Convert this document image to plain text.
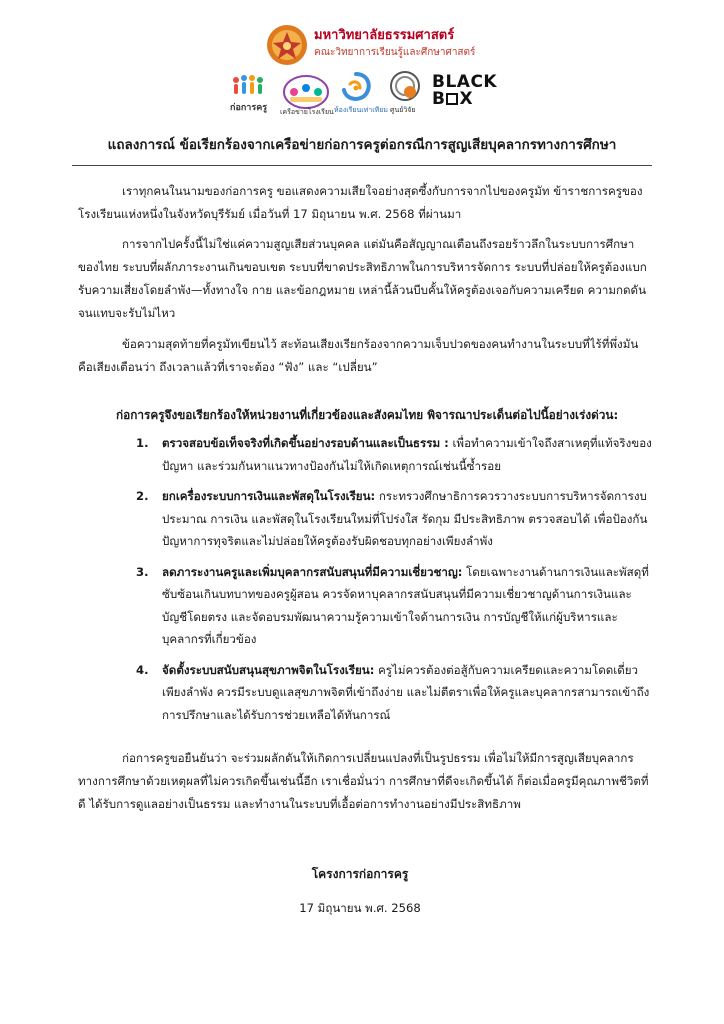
มหาวิทยาลัยธรรมศาสตร์
คณะวิทยาการเรียนรู้และศึกษาศาสตร์
ก่อการครู เครือข่ายโรงเรียน ห้องเรียนเท่าเทียม ศูนย์วิจัย
BLACK
B X
แถลงการณ์ ข้อเรียกร้องจากเครือข่ายก่อการครูต่อกรณีการสูญเสียบุคลากรทางการศึกษา

เราทุกคนในนามของก่อการครู ขอแสดงความเสียใจอย่างสุดซึ้งกับการจากไปของครูมัท ข้าราชการครูของโรงเรียนแห่งหนึ่งในจังหวัดบุรีรัมย์ เมื่อวันที่ 17 มิถุนายน พ.ศ. 2568 ที่ผ่านมา

การจากไปครั้งนี้ไม่ใช่แค่ความสูญเสียส่วนบุคคล แต่มันคือสัญญาณเตือนถึงรอยร้าวลึกในระบบการศึกษาของไทย ระบบที่ผลักภาระงานเกินขอบเขต ระบบที่ขาดประสิทธิภาพในการบริหารจัดการ ระบบที่ปล่อยให้ครูต้องแบกรับความเสี่ยงโดยลำพัง—ทั้งทางใจ กาย และข้อกฎหมาย เหล่านี้ล้วนบีบคั้นให้ครูต้องเจอกับความเครียด ความกดดันจนแทบจะรับไม่ไหว

ข้อความสุดท้ายที่ครูมัทเขียนไว้ สะท้อนเสียงเรียกร้องจากความเจ็บปวดของคนทำงานในระบบที่ไร้ที่พึ่งมันคือเสียงเตือนว่า ถึงเวลาแล้วที่เราจะต้อง “ฟัง” และ “เปลี่ยน”

ก่อการครูจึงขอเรียกร้องให้หน่วยงานที่เกี่ยวข้องและสังคมไทย พิจารณาประเด็นต่อไปนี้อย่างเร่งด่วน:
1. ตรวจสอบข้อเท็จจริงที่เกิดขึ้นอย่างรอบด้านและเป็นธรรม : เพื่อทำความเข้าใจถึงสาเหตุที่แท้จริงของปัญหา และร่วมกันหาแนวทางป้องกันไม่ให้เกิดเหตุการณ์เช่นนี้ซ้ำรอย
2. ยกเครื่องระบบการเงินและพัสดุในโรงเรียน: กระทรวงศึกษาธิการควรวางระบบการบริหารจัดการงบประมาณ การเงิน และพัสดุในโรงเรียนใหม่ที่โปร่งใส รัดกุม มีประสิทธิภาพ ตรวจสอบได้ เพื่อป้องกันปัญหาการทุจริตและไม่ปล่อยให้ครูต้องรับผิดชอบทุกอย่างเพียงลำพัง
3. ลดภาระงานครูและเพิ่มบุคลากรสนับสนุนที่มีความเชี่ยวชาญ: โดยเฉพาะงานด้านการเงินและพัสดุที่ซับซ้อนเกินบทบาทของครูผู้สอน ควรจัดหาบุคลากรสนับสนุนที่มีความเชี่ยวชาญด้านการเงินและบัญชีโดยตรง และจัดอบรมพัฒนาความรู้ความเข้าใจด้านการเงิน การบัญชีให้แก่ผู้บริหารและบุคลากรที่เกี่ยวข้อง
4. จัดตั้งระบบสนับสนุนสุขภาพจิตในโรงเรียน: ครูไม่ควรต้องต่อสู้กับความเครียดและความโดดเดี่ยวเพียงลำพัง ควรมีระบบดูแลสุขภาพจิตที่เข้าถึงง่าย และไม่ตีตราเพื่อให้ครูและบุคลากรสามารถเข้าถึงการปรึกษาและได้รับการช่วยเหลือได้ทันการณ์
ก่อการครูขอยืนยันว่า จะร่วมผลักดันให้เกิดการเปลี่ยนแปลงที่เป็นรูปธรรม เพื่อไม่ให้มีการสูญเสียบุคลากรทางการศึกษาด้วยเหตุผลที่ไม่ควรเกิดขึ้นเช่นนี้อีก เราเชื่อมั่นว่า การศึกษาที่ดีจะเกิดขึ้นได้ ก็ต่อเมื่อครูมีคุณภาพชีวิตที่ดี ได้รับการดูแลอย่างเป็นธรรม และทำงานในระบบที่เอื้อต่อการทำงานอย่างมีประสิทธิภาพ
โครงการก่อการครู
17 มิถุนายน พ.ศ. 2568
